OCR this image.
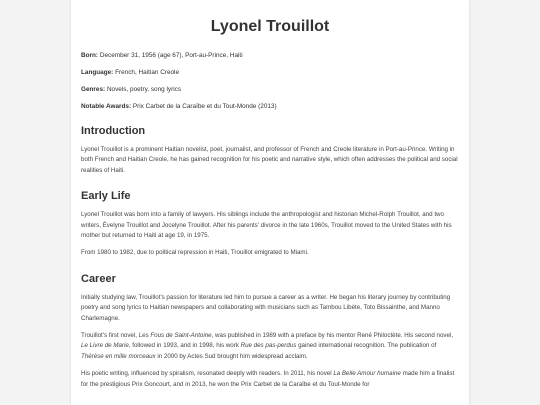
Lyonel Trouillot
Born: December 31, 1956 (age 67), Port-au-Prince, Haiti
Language: French, Haitian Creole
Genres: Novels, poetry, song lyrics
Notable Awards: Prix Carbet de la Caraïbe et du Tout-Monde (2013)
Introduction

Lyonel Trouillot is a prominent Haitian novelist, poet, journalist, and professor of French and Creole literature in Port-au-Prince. Writing in both French and Haitian Creole, he has gained recognition for his poetic and narrative style, which often addresses the political and social realities of Haiti.

Early Life

Lyonel Trouillot was born into a family of lawyers. His siblings include the anthropologist and historian Michel-Rolph Trouillot, and two writers, Évelyne Trouillot and Jocelyne Trouillot. After his parents' divorce in the late 1960s, Trouillot moved to the United States with his mother but returned to Haiti at age 19, in 1975.

From 1980 to 1982, due to political repression in Haiti, Trouillot emigrated to Miami.

Career

Initially studying law, Trouillot's passion for literature led him to pursue a career as a writer. He began his literary journey by contributing poetry and song lyrics to Haitian newspapers and collaborating with musicians such as Tambou Libète, Toto Bissainthe, and Manno Charlemagne.

Trouillot's first novel, Les Fous de Saint-Antoine, was published in 1989 with a preface by his mentor René Philoctète. His second novel, Le Livre de Marie, followed in 1993, and in 1998, his work Rue des pas-perdus gained international recognition. The publication of Thérèse en mille morceaux in 2000 by Actes Sud brought him widespread acclaim.

His poetic writing, influenced by spiralism, resonated deeply with readers. In 2011, his novel La Belle Amour humaine made him a finalist for the prestigious Prix Goncourt, and in 2013, he won the Prix Carbet de la Caraïbe et du Tout-Monde for
